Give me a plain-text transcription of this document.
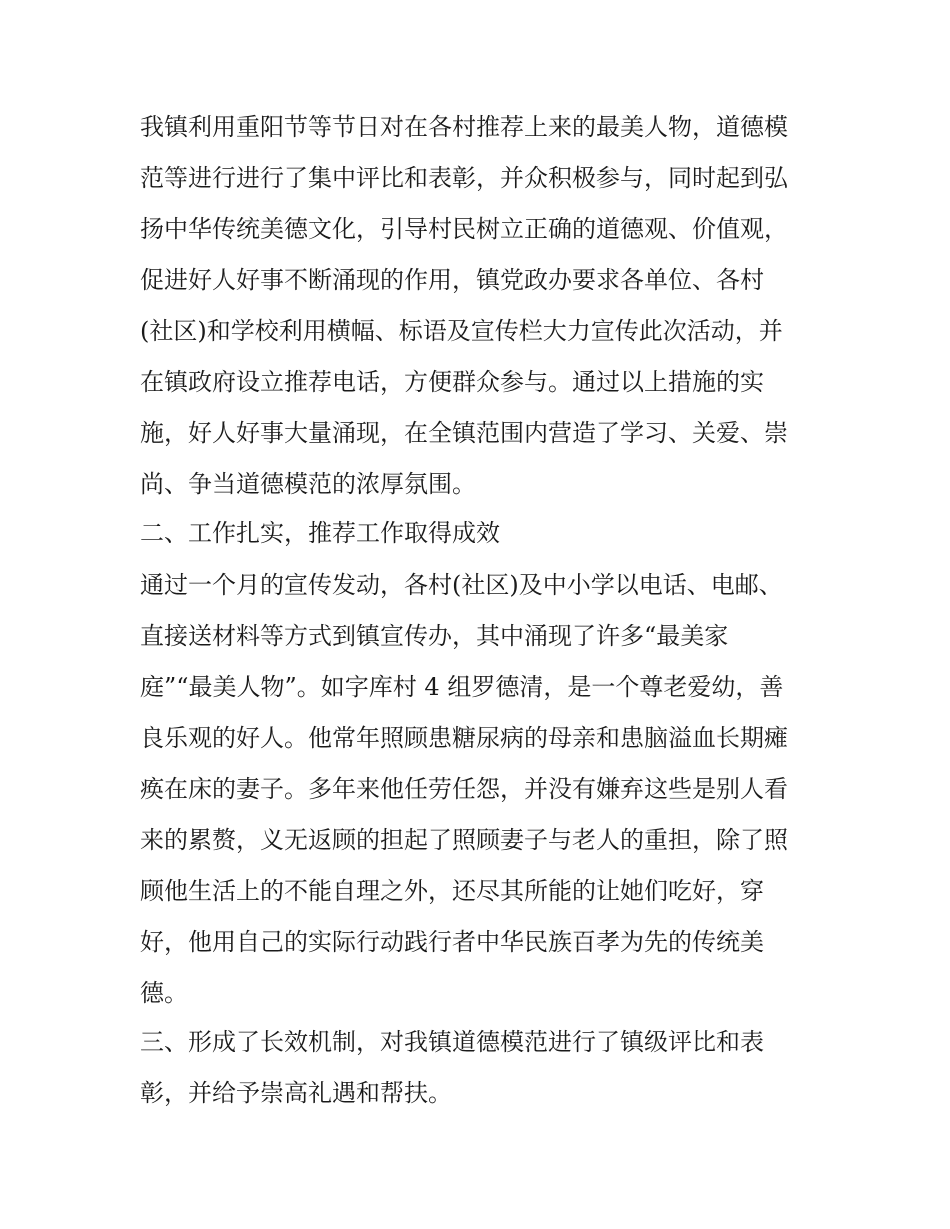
我镇利用重阳节等节日对在各村推荐上来的最美人物，道德模
范等进行进行了集中评比和表彰，并众积极参与，同时起到弘
扬中华传统美德文化，引导村民树立正确的道德观、价值观，
促进好人好事不断涌现的作用，镇党政办要求各单位、各村
(社区)和学校利用横幅、标语及宣传栏大力宣传此次活动，并
在镇政府设立推荐电话，方便群众参与。通过以上措施的实
施，好人好事大量涌现，在全镇范围内营造了学习、关爱、崇
尚、争当道德模范的浓厚氛围。
二、工作扎实，推荐工作取得成效
通过一个月的宣传发动，各村(社区)及中小学以电话、电邮、
直接送材料等方式到镇宣传办，其中涌现了许多“最美家
庭”“最美人物”。如字库村 4 组罗德清，是一个尊老爱幼，善
良乐观的好人。他常年照顾患糖尿病的母亲和患脑溢血长期瘫
痪在床的妻子。多年来他任劳任怨，并没有嫌弃这些是别人看
来的累赘，义无返顾的担起了照顾妻子与老人的重担，除了照
顾他生活上的不能自理之外，还尽其所能的让她们吃好，穿
好，他用自己的实际行动践行者中华民族百孝为先的传统美
德。
三、形成了长效机制，对我镇道德模范进行了镇级评比和表
彰，并给予崇高礼遇和帮扶。
